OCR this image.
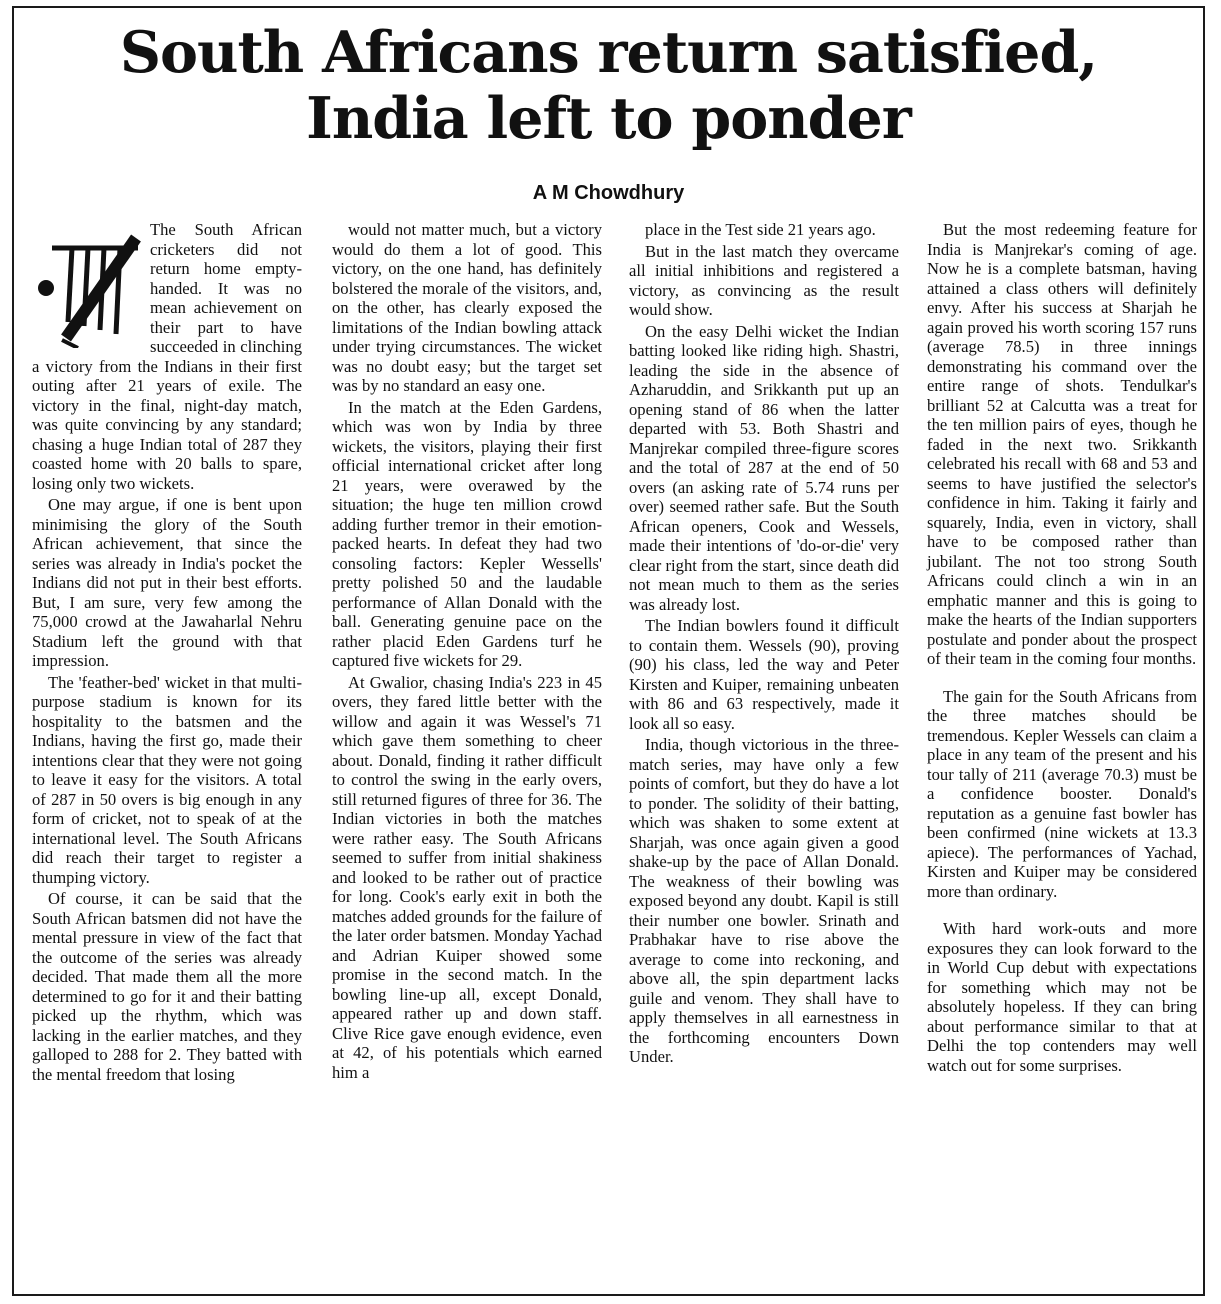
South Africans return satisfied,
India left to ponder
A M Chowdhury

The South African cricketers did not return home empty-handed. It was no mean achievement on their part to have succeeded in clinching a victory from the Indians in their first outing after 21 years of exile. The victory in the final, night-day match, was quite convincing by any standard; chasing a huge Indian total of 287 they coasted home with 20 balls to spare, losing only two wickets.

One may argue, if one is bent upon minimising the glory of the South African achievement, that since the series was already in India's pocket the Indians did not put in their best efforts. But, I am sure, very few among the 75,000 crowd at the Jawaharlal Nehru Stadium left the ground with that impression.

The 'feather-bed' wicket in that multi-purpose stadium is known for its hospitality to the batsmen and the Indians, having the first go, made their intentions clear that they were not going to leave it easy for the visitors. A total of 287 in 50 overs is big enough in any form of cricket, not to speak of at the international level. The South Africans did reach their target to register a thumping victory.

Of course, it can be said that the South African batsmen did not have the mental pressure in view of the fact that the outcome of the series was already decided. That made them all the more determined to go for it and their batting picked up the rhythm, which was lacking in the earlier matches, and they galloped to 288 for 2. They batted with the mental freedom that losing

would not matter much, but a victory would do them a lot of good. This victory, on the one hand, has definitely bolstered the morale of the visitors, and, on the other, has clearly exposed the limitations of the Indian bowling attack under trying circumstances. The wicket was no doubt easy; but the target set was by no standard an easy one.

In the match at the Eden Gardens, which was won by India by three wickets, the visitors, playing their first official international cricket after long 21 years, were overawed by the situation; the huge ten million crowd adding further tremor in their emotion-packed hearts. In defeat they had two consoling factors: Kepler Wessells' pretty polished 50 and the laudable performance of Allan Donald with the ball. Generating genuine pace on the rather placid Eden Gardens turf he captured five wickets for 29.

At Gwalior, chasing India's 223 in 45 overs, they fared little better with the willow and again it was Wessel's 71 which gave them something to cheer about. Donald, finding it rather difficult to control the swing in the early overs, still returned figures of three for 36. The Indian victories in both the matches were rather easy. The South Africans seemed to suffer from initial shakiness and looked to be rather out of practice for long. Cook's early exit in both the matches added grounds for the failure of the later order batsmen. Monday Yachad and Adrian Kuiper showed some promise in the second match. In the bowling line-up all, except Donald, appeared rather up and down staff. Clive Rice gave enough evidence, even at 42, of his potentials which earned him a

place in the Test side 21 years ago.

But in the last match they overcame all initial inhibitions and registered a victory, as convincing as the result would show.

On the easy Delhi wicket the Indian batting looked like riding high. Shastri, leading the side in the absence of Azharuddin, and Srikkanth put up an opening stand of 86 when the latter departed with 53. Both Shastri and Manjrekar compiled three-figure scores and the total of 287 at the end of 50 overs (an asking rate of 5.74 runs per over) seemed rather safe. But the South African openers, Cook and Wessels, made their intentions of 'do-or-die' very clear right from the start, since death did not mean much to them as the series was already lost.

The Indian bowlers found it difficult to contain them. Wessels (90), proving (90) his class, led the way and Peter Kirsten and Kuiper, remaining unbeaten with 86 and 63 respectively, made it look all so easy.

India, though victorious in the three-match series, may have only a few points of comfort, but they do have a lot to ponder. The solidity of their batting, which was shaken to some extent at Sharjah, was once again given a good shake-up by the pace of Allan Donald. The weakness of their bowling was exposed beyond any doubt. Kapil is still their number one bowler. Srinath and Prabhakar have to rise above the average to come into reckoning, and above all, the spin department lacks guile and venom. They shall have to apply themselves in all earnestness in the forthcoming encounters Down Under.

But the most redeeming feature for India is Manjrekar's coming of age. Now he is a complete batsman, having attained a class others will definitely envy. After his success at Sharjah he again proved his worth scoring 157 runs (average 78.5) in three innings demonstrating his command over the entire range of shots. Tendulkar's brilliant 52 at Calcutta was a treat for the ten million pairs of eyes, though he faded in the next two. Srikkanth celebrated his recall with 68 and 53 and seems to have justified the selector's confidence in him. Taking it fairly and squarely, India, even in victory, shall have to be composed rather than jubilant. The not too strong South Africans could clinch a win in an emphatic manner and this is going to make the hearts of the Indian supporters postulate and ponder about the prospect of their team in the coming four months.

The gain for the South Africans from the three matches should be tremendous. Kepler Wessels can claim a place in any team of the present and his tour tally of 211 (average 70.3) must be a confidence booster. Donald's reputation as a genuine fast bowler has been confirmed (nine wickets at 13.3 apiece). The performances of Yachad, Kirsten and Kuiper may be considered more than ordinary.

With hard work-outs and more exposures they can look forward to the in World Cup debut with expectations for something which may not be absolutely hopeless. If they can bring about performance similar to that at Delhi the top contenders may well watch out for some surprises.
